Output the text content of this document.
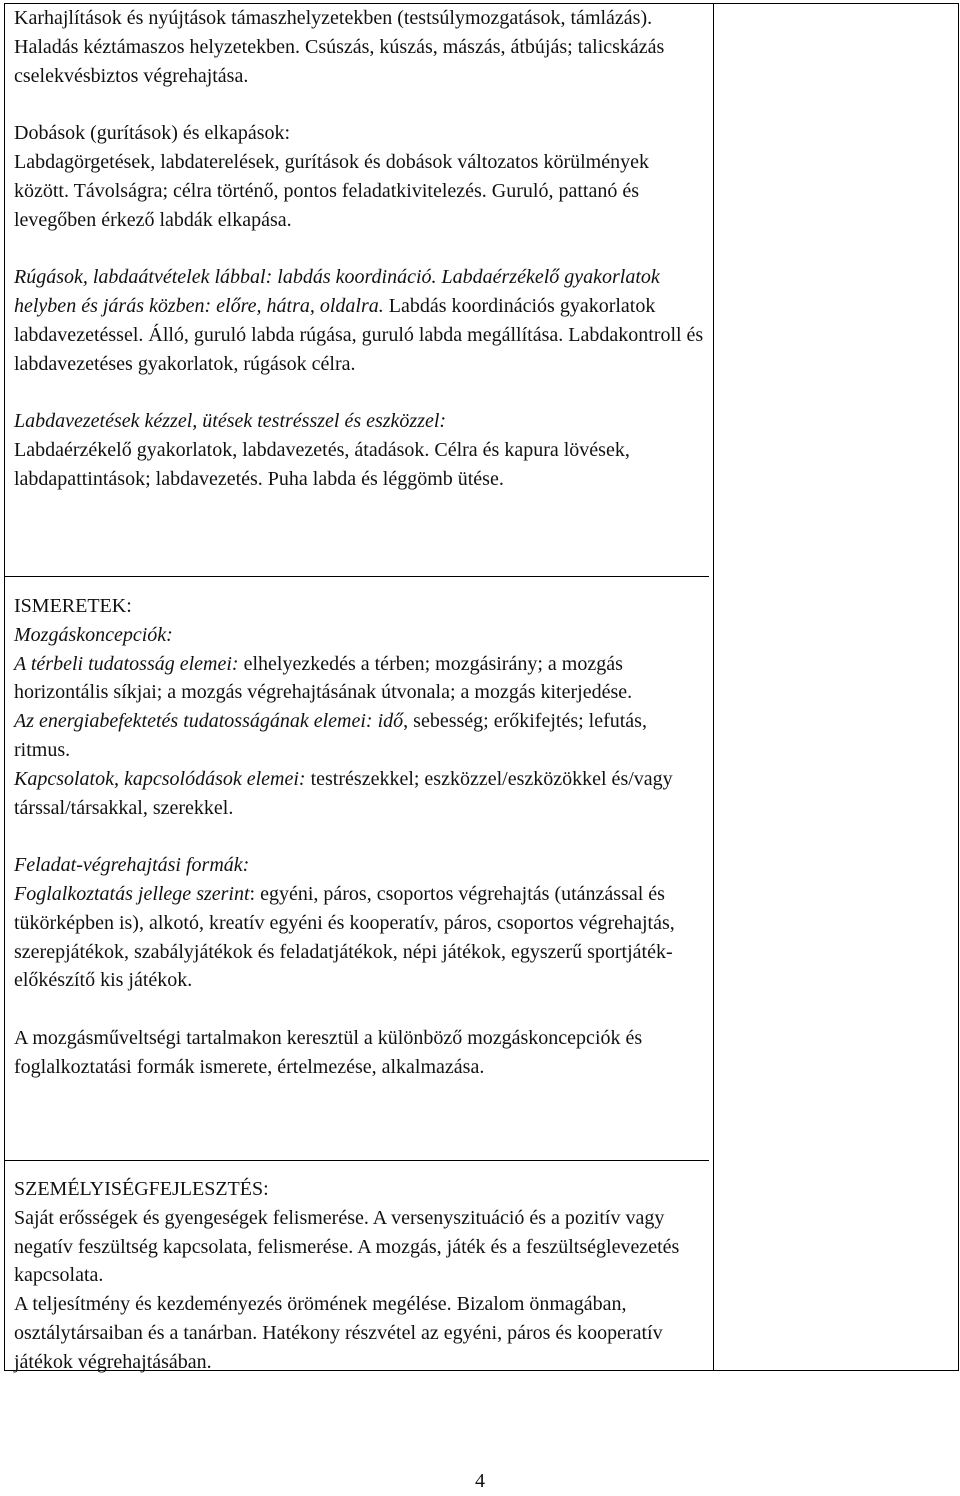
Karhajlítások és nyújtások támaszhelyzetekben (testsúlymozgatások, támlázás). Haladás kéztámaszos helyzetekben. Csúszás, kúszás, mászás, átbújás; talicskázás cselekvésbiztos végrehajtása.

Dobások (gurítások) és elkapások:
Labdagörgetések, labdaterelések, gurítások és dobások változatos körülmények között. Távolságra; célra történő, pontos feladatkivitelezés. Guruló, pattanó és levegőben érkező labdák elkapása.

Rúgások, labdaátvételek lábbal: labdás koordináció. Labdaérzékelő gyakorlatok helyben és járás közben: előre, hátra, oldalra. Labdás koordinációs gyakorlatok labdavezetéssel. Álló, guruló labda rúgása, guruló labda megállítása. Labdakontroll és labdavezetéses gyakorlatok, rúgások célra.

Labdavezetések kézzel, ütések testrésszel és eszközzel:
Labdaérzékelő gyakorlatok, labdavezetés, átadások. Célra és kapura lövések, labdapattintások; labdavezetés. Puha labda és léggömb ütése.

ISMERETEK:

Mozgáskoncepciók:

A térbeli tudatosság elemei: elhelyezkedés a térben; mozgásirány; a mozgás horizontális síkjai; a mozgás végrehajtásának útvonala; a mozgás kiterjedése.

Az energiabefektetés tudatosságának elemei: idő, sebesség; erőkifejtés; lefutás, ritmus.

Kapcsolatok, kapcsolódások elemei: testrészekkel; eszközzel/eszközökkel és/vagy társsal/társakkal, szerekkel.

Feladat-végrehajtási formák:

Foglalkoztatás jellege szerint: egyéni, páros, csoportos végrehajtás (utánzással és tükörképben is), alkotó, kreatív egyéni és kooperatív, páros, csoportos végrehajtás, szerepjátékok, szabályjátékok és feladatjátékok, népi játékok, egyszerű sportjáték-előkészítő kis játékok.

A mozgásműveltségi tartalmakon keresztül a különböző mozgáskoncepciók és foglalkoztatási formák ismerete, értelmezése, alkalmazása.

SZEMÉLYISÉGFEJLESZTÉS:

Saját erősségek és gyengeségek felismerése. A versenyszituáció és a pozitív vagy negatív feszültség kapcsolata, felismerése. A mozgás, játék és a feszültséglevezetés kapcsolata.

A teljesítmény és kezdeményezés örömének megélése. Bizalom önmagában, osztálytársaiban és a tanárban. Hatékony részvétel az egyéni, páros és kooperatív játékok végrehajtásában.

4
